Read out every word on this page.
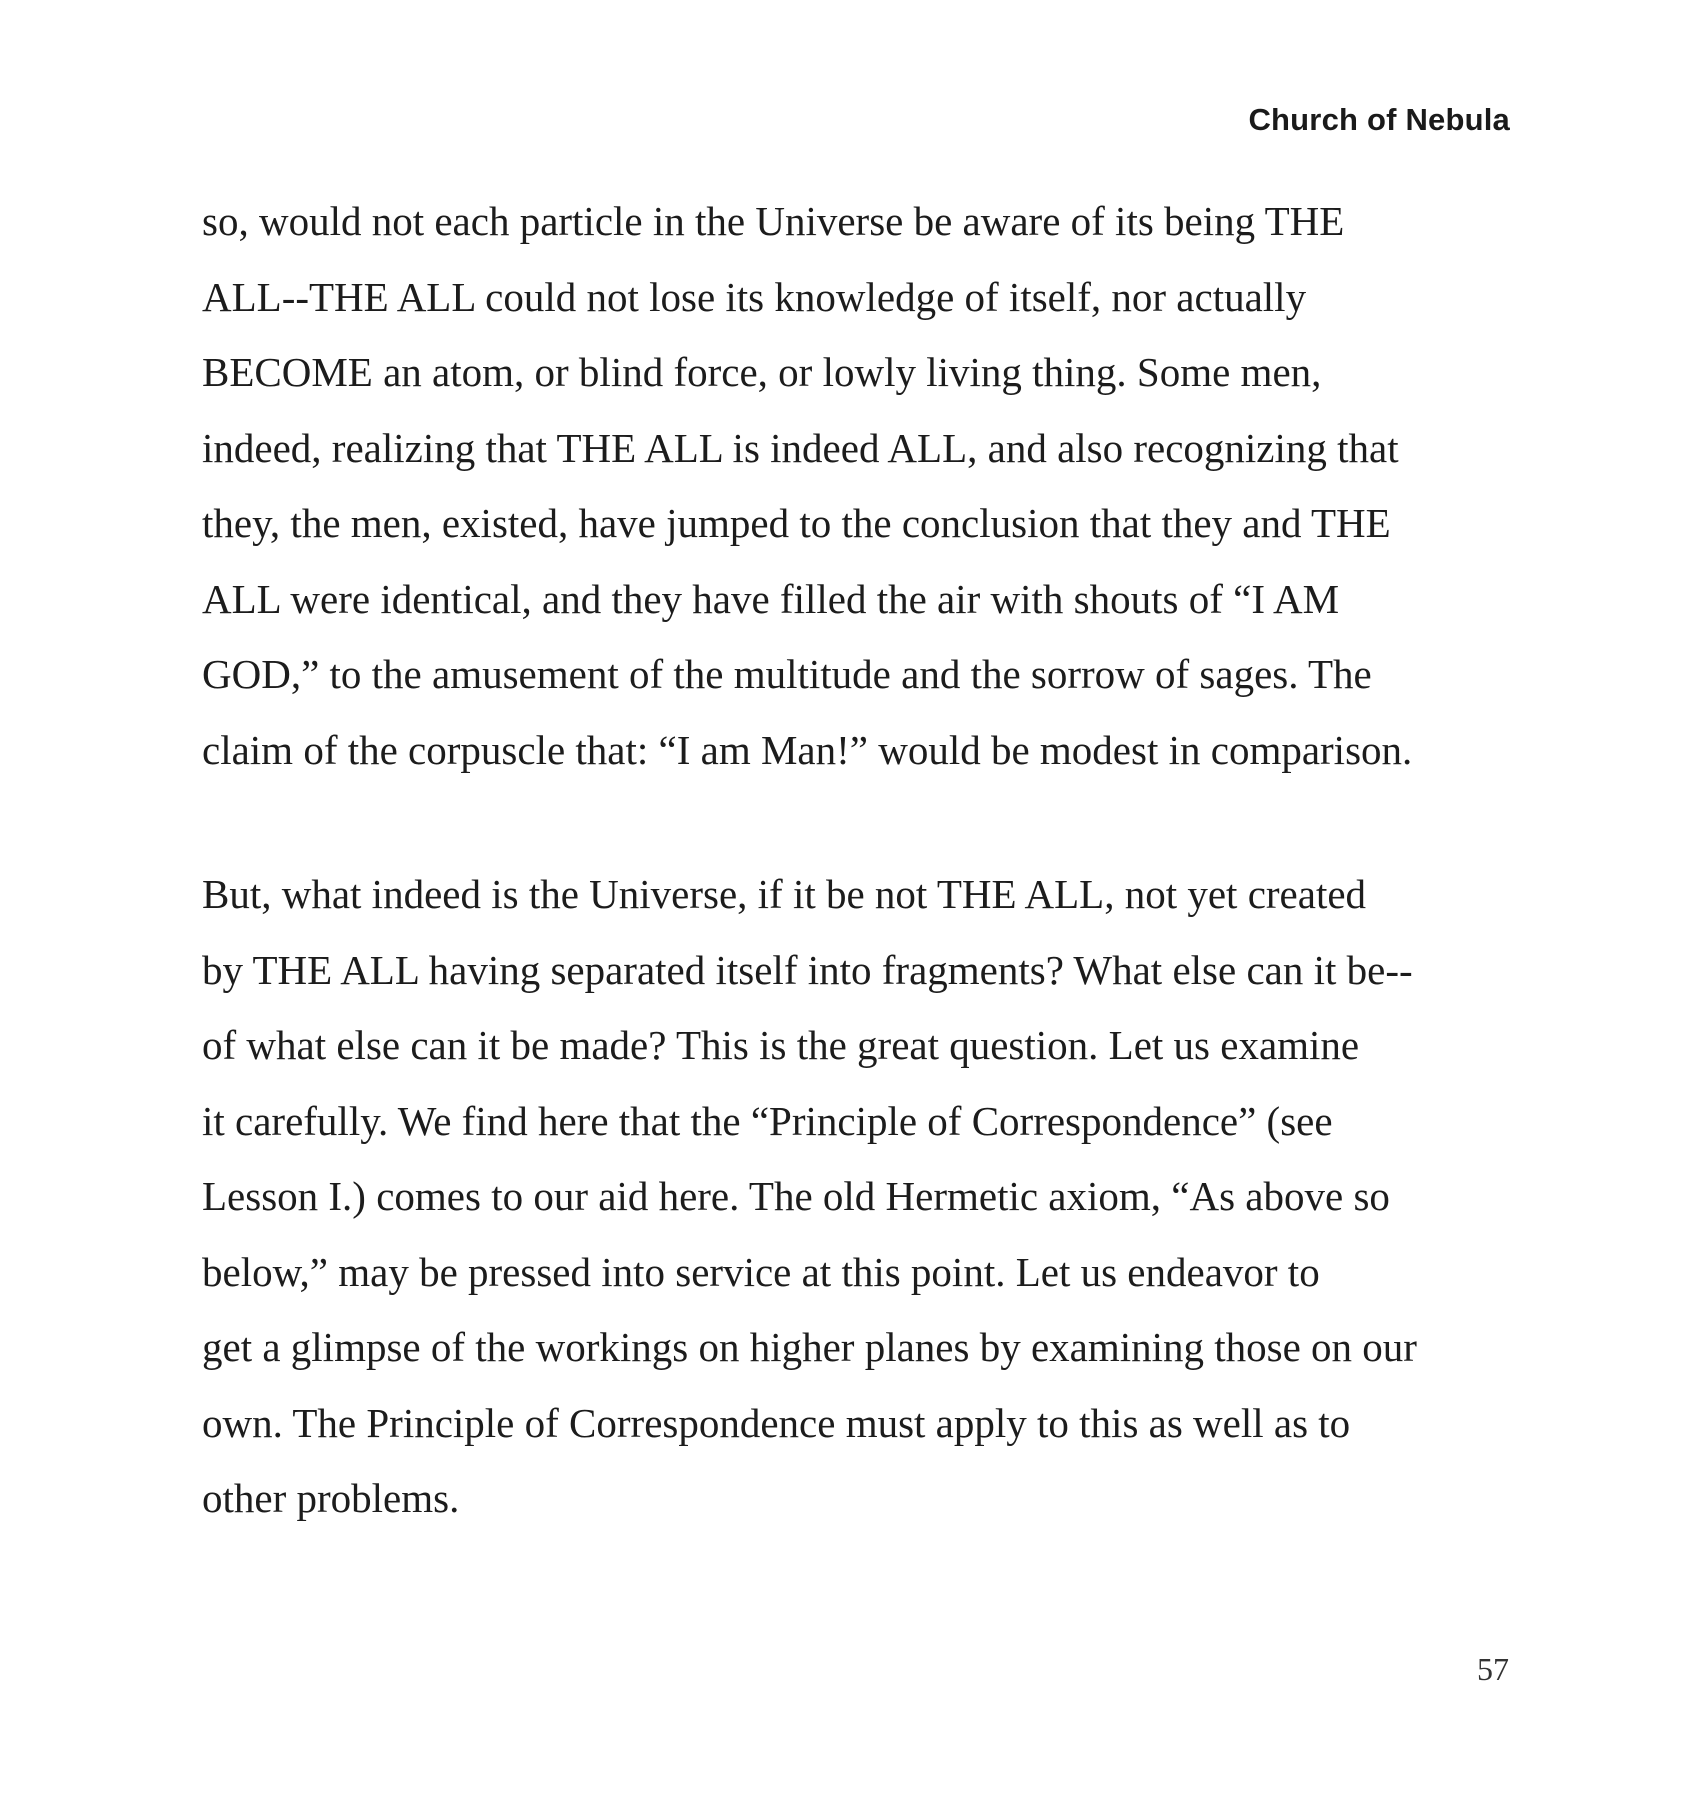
Church of Nebula
so, would not each particle in the Universe be aware of its being THE
ALL--THE ALL could not lose its knowledge of itself, nor actually
BECOME an atom, or blind force, or lowly living thing. Some men,
indeed, realizing that THE ALL is indeed ALL, and also recognizing that
they, the men, existed, have jumped to the conclusion that they and THE
ALL were identical, and they have filled the air with shouts of “I AM
GOD,” to the amusement of the multitude and the sorrow of sages. The
claim of the corpuscle that: “I am Man!” would be modest in comparison.
But, what indeed is the Universe, if it be not THE ALL, not yet created
by THE ALL having separated itself into fragments? What else can it be--
of what else can it be made? This is the great question. Let us examine
it carefully. We find here that the “Principle of Correspondence” (see
Lesson I.) comes to our aid here. The old Hermetic axiom, “As above so
below,” may be pressed into service at this point. Let us endeavor to
get a glimpse of the workings on higher planes by examining those on our
own. The Principle of Correspondence must apply to this as well as to
other problems.
57
